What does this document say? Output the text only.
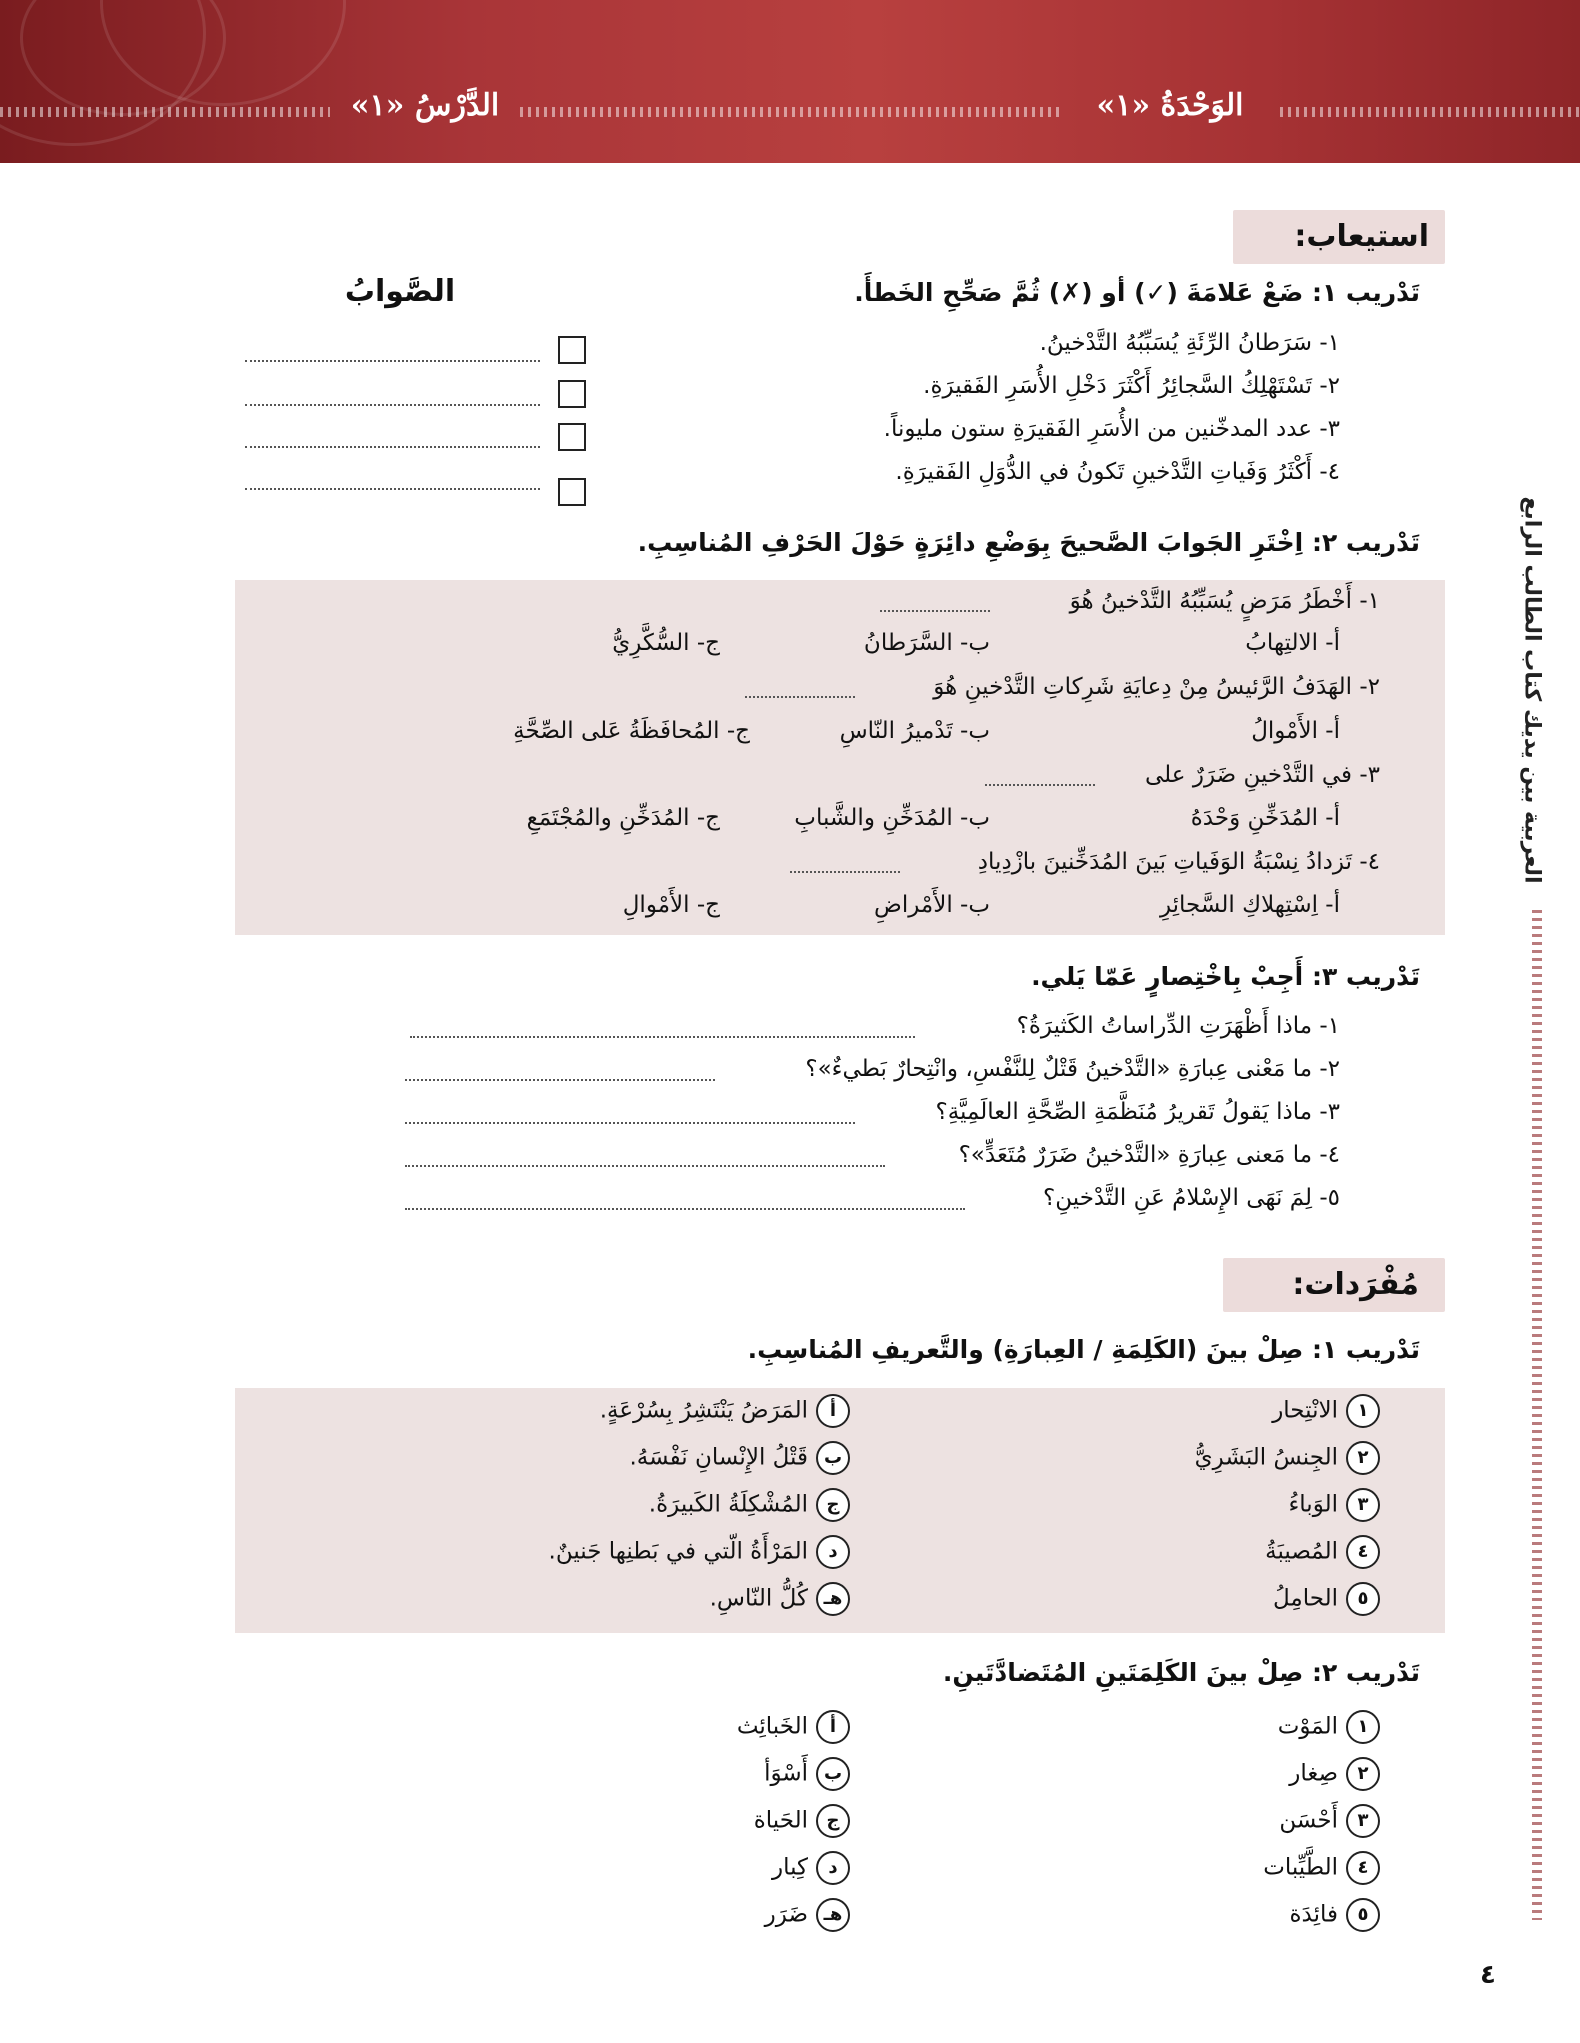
الوَحْدَةُ «١»
الدَّرْسُ «١»
العربية بين يديك كتاب الطالب الرابع
استيعاب:
تَدْريب ١: ضَعْ عَلامَةَ (✓) أو (✗) ثُمَّ صَحِّحِ الخَطأَ.
الصَّوابُ
١- سَرَطانُ الرِّئَةِ يُسَبِّبُهُ التَّدْخينُ.
٢- تَسْتَهْلِكُ السَّجائِرُ أَكْثَرَ دَخْلِ الأُسَرِ الفَقيرَةِ.
٣- عدد المدخّنين من الأُسَرِ الفَقيرَةِ ستون مليوناً.
٤- أَكْثَرُ وَفَياتِ التَّدْخينِ تَكونُ في الدُّوَلِ الفَقيرَةِ.
تَدْريب ٢: اِخْتَرِ الجَوابَ الصَّحيحَ بِوَضْعِ دائِرَةٍ حَوْلَ الحَرْفِ المُناسِبِ.
١- أَخْطَرُ مَرَضٍ يُسَبِّبُهُ التَّدْخينُ هُوَ
أ- الالتِهابُ
ب- السَّرَطانُ
ج- السُّكَّرِيُّ
٢- الهَدَفُ الرَّئيسُ مِنْ دِعايَةِ شَرِكاتِ التَّدْخينِ هُوَ
أ- الأَمْوالُ
ب- تَدْميرُ النّاسِ
ج- المُحافَظَةُ عَلى الصِّحَّةِ
٣- في التَّدْخينِ ضَرَرٌ على
أ- المُدَخِّنِ وَحْدَهُ
ب- المُدَخِّنِ والشَّبابِ
ج- المُدَخِّنِ والمُجْتَمَعِ
٤- تَزدادُ نِسْبَةُ الوَفَياتِ بَينَ المُدَخِّنينَ بازْدِيادِ
أ- اِسْتِهلاكِ السَّجائِرِ
ب- الأَمْراضِ
ج- الأَمْوالِ
تَدْريب ٣: أَجِبْ بِاخْتِصارٍ عَمّا يَلي.
١- ماذا أَظْهَرَتِ الدِّراساتُ الكَثيرَةُ؟
٢- ما مَعْنى عِبارَةِ «التَّدْخينُ قَتْلٌ لِلنَّفْسِ، وانْتِحارٌ بَطيءٌ»؟
٣- ماذا يَقولُ تَقريرُ مُنَظَّمَةِ الصِّحَّةِ العالَمِيَّةِ؟
٤- ما مَعنى عِبارَةِ «التَّدْخينُ ضَرَرٌ مُتَعَدٍّ»؟
٥- لِمَ نَهَى الإِسْلامُ عَنِ التَّدْخينِ؟
مُفْرَدات:
تَدْريب ١: صِلْ بينَ (الكَلِمَةِ / العِبارَةِ) والتَّعريفِ المُناسِبِ.
١الانْتِحار
٢الجِنسُ البَشَرِيُّ
٣الوَباءُ
٤المُصيبَةُ
٥الحامِلُ
أالمَرَضُ يَنْتَشِرُ بِسُرْعَةٍ.
بقَتْلُ الإِنْسانِ نَفْسَهُ.
جالمُشْكِلَةُ الكَبيرَةُ.
دالمَرْأَةُ الّتي في بَطنِها جَنينٌ.
هـكُلُّ النّاسِ.
تَدْريب ٢: صِلْ بينَ الكَلِمَتَينِ المُتَضادَّتَينِ.
١المَوْت
٢صِغار
٣أَحْسَن
٤الطَّيِّبات
٥فائِدَة
أالخَبائِث
بأَسْوَأ
جالحَياة
دكِبار
هـضَرَر
٤
